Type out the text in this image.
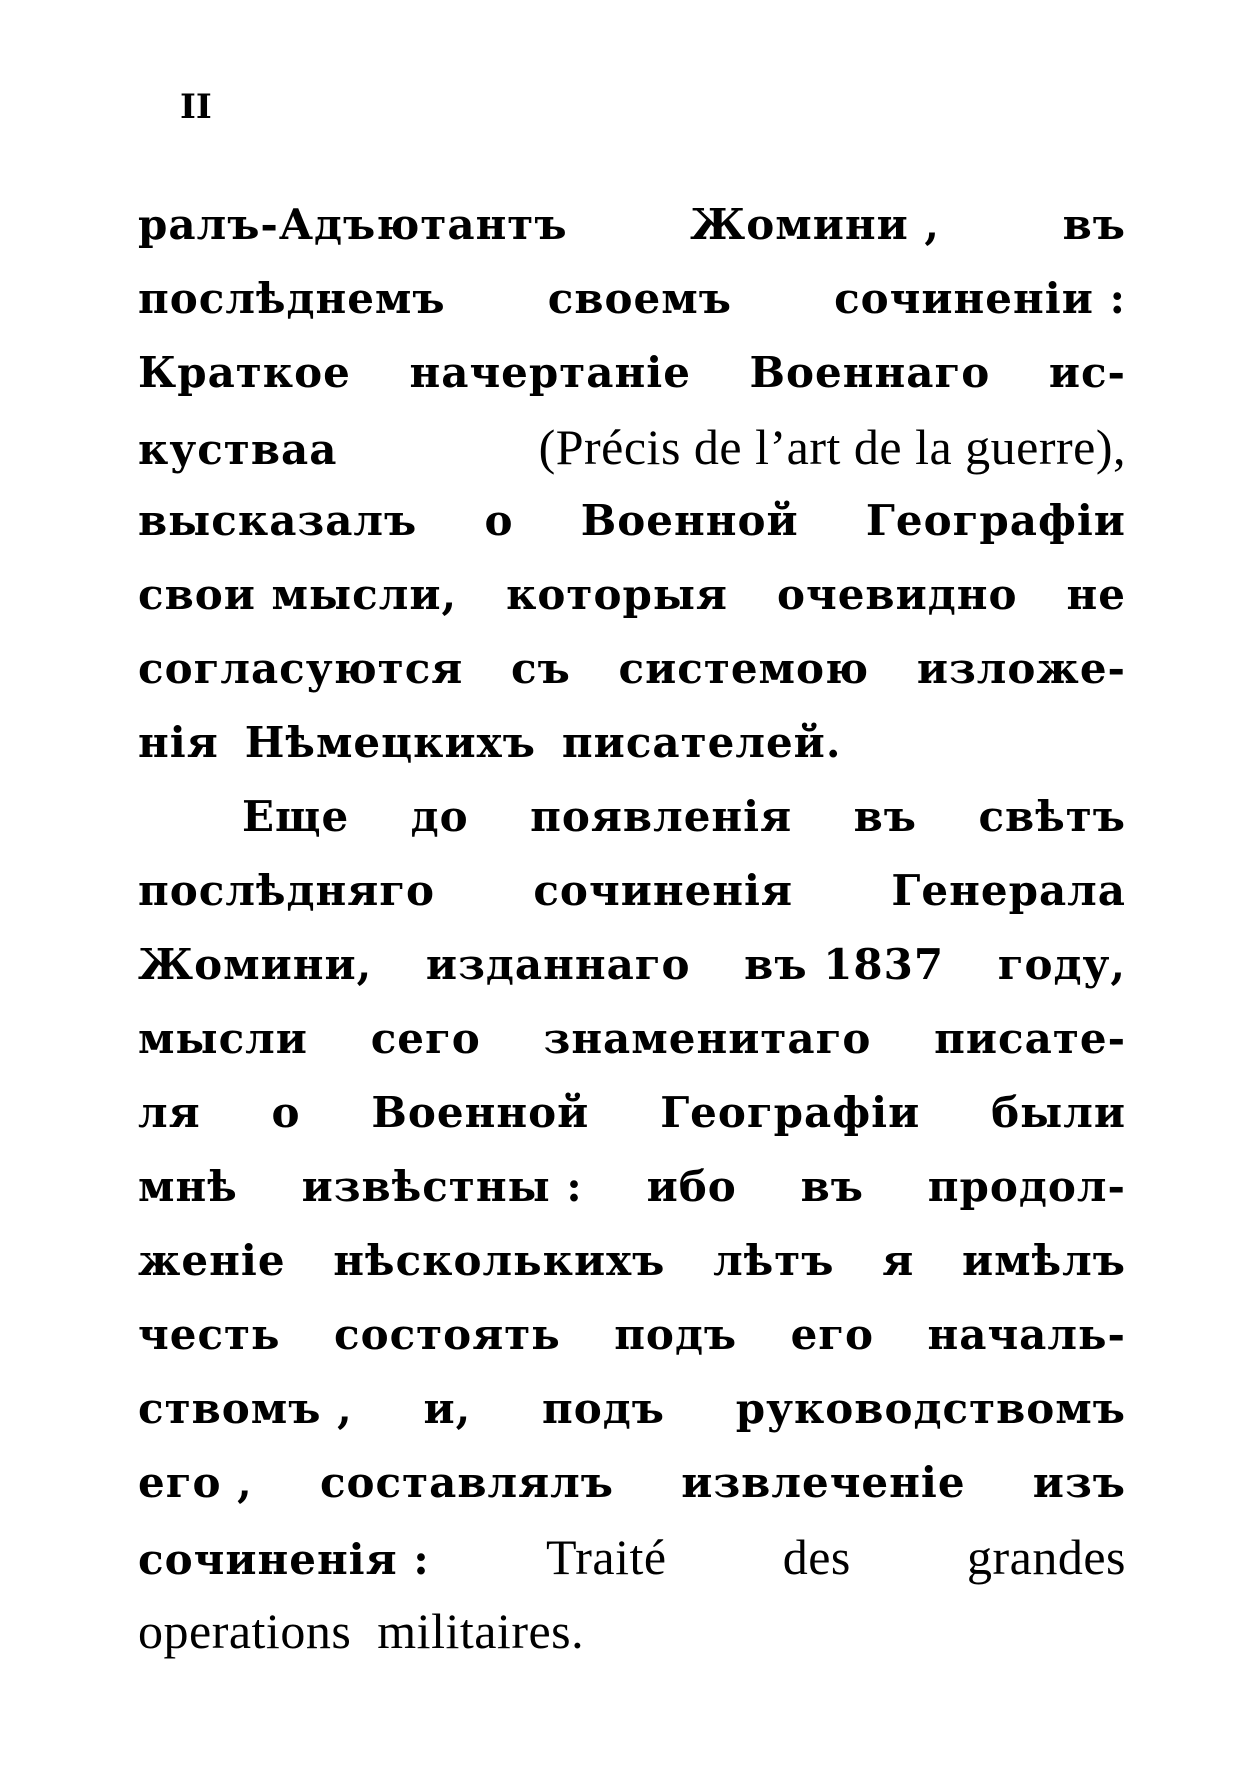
II
ралъ-Адъютантъ	Жомини ,	въ
послѣднемъ своемъ сочиненіи :
Краткое начертаніе Военнаго ис-
кустваa	(Précis de l’art de la guerre),
высказалъ о Военной Географіи
свои мысли, которыя очевидно не
согласуются съ системою изложе-
нія Нѣмецкихъ писателей.
Еще до появленія въ свѣтъ
послѣдняго сочиненія Генерала
Жомини, изданнаго въ 1837 году,
мысли сего знаменитаго писате-
ля о Военной Географіи были
мнѣ извѣстны : ибо въ продол-
женіе нѣсколькихъ лѣтъ я имѣлъ
честь состоять подъ его началь-
ствомъ , и, подъ руководствомъ
его , составлялъ извлеченіе изъ
сочиненія : Traité des grandes
operations militaires.
